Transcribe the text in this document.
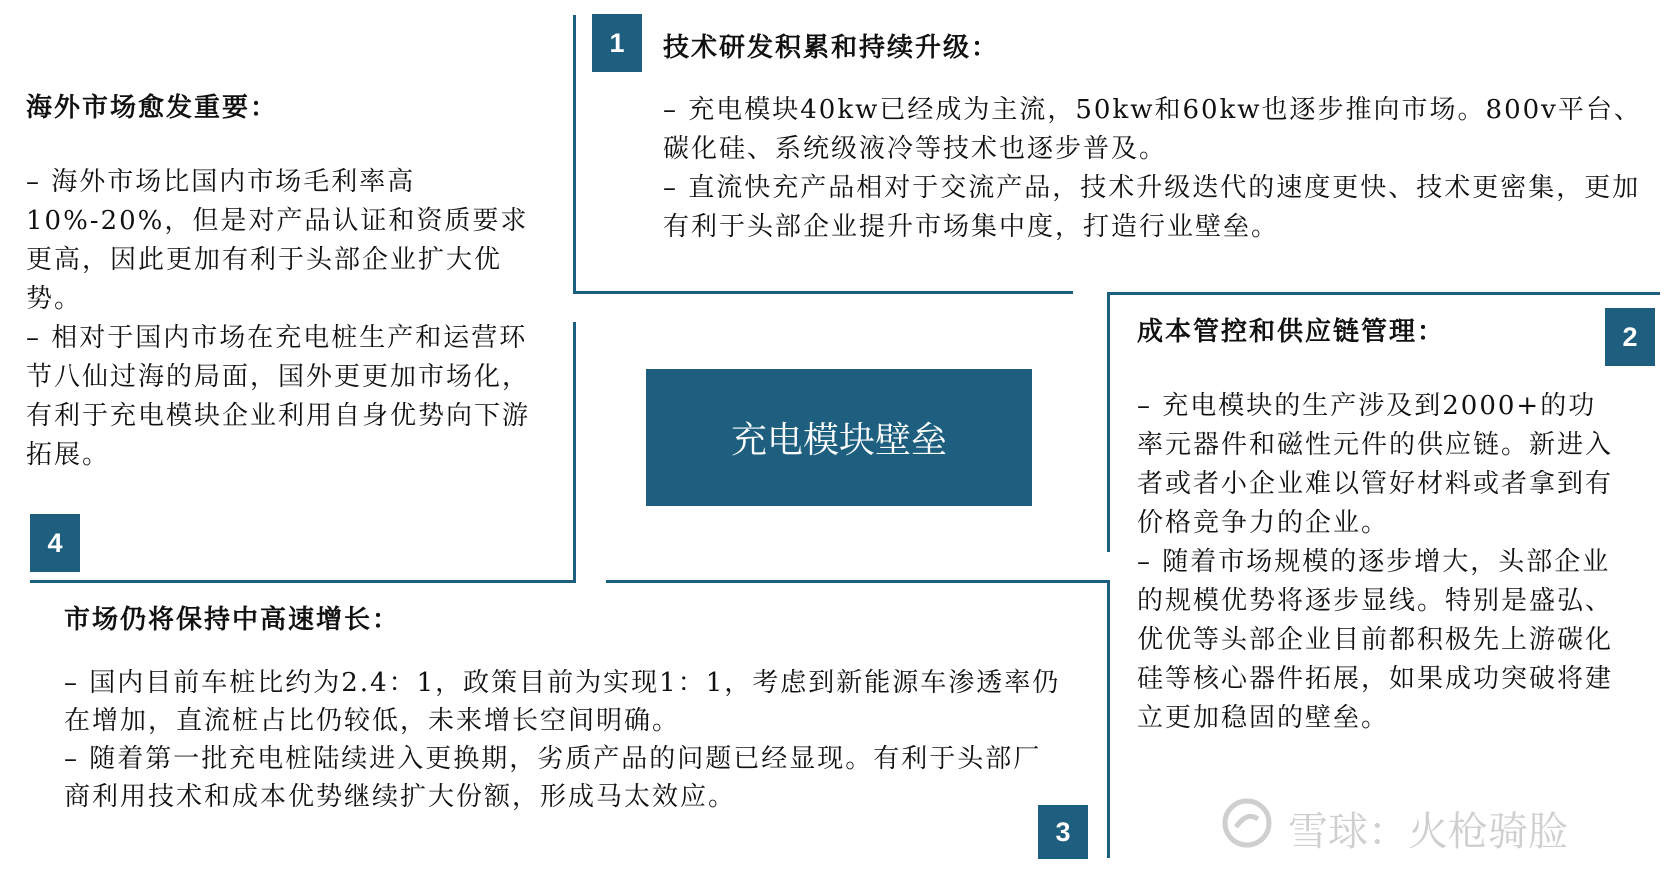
充电模块壁垒
1	技术研发积累和持续升级：

– 充电模块40kw已经成为主流，50kw和60kw也逐步推向市场。800v平台、碳化硅、系统级液冷等技术也逐步普及。

– 直流快充产品相对于交流产品，技术升级迭代的速度更快、技术更密集，更加有利于头部企业提升市场集中度，打造行业壁垒。

2
成本管控和供应链管理：

– 充电模块的生产涉及到2000+的功率元器件和磁性元件的供应链。新进入者或者小企业难以管好材料或者拿到有价格竞争力的企业。

– 随着市场规模的逐步增大，头部企业的规模优势将逐步显线。特别是盛弘、优优等头部企业目前都积极先上游碳化硅等核心器件拓展，如果成功突破将建立更加稳固的壁垒。

3
市场仍将保持中高速增长：

– 国内目前车桩比约为2.4：1，政策目前为实现1：1，考虑到新能源车渗透率仍在增加，直流桩占比仍较低，未来增长空间明确。

– 随着第一批充电桩陆续进入更换期，劣质产品的问题已经显现。有利于头部厂商利用技术和成本优势继续扩大份额，形成马太效应。

4
海外市场愈发重要：

– 海外市场比国内市场毛利率高10%-20%，但是对产品认证和资质要求更高，因此更加有利于头部企业扩大优势。

– 相对于国内市场在充电桩生产和运营环节八仙过海的局面，国外更更加市场化，有利于充电模块企业利用自身优势向下游拓展。

雪球：火枪骑脸
